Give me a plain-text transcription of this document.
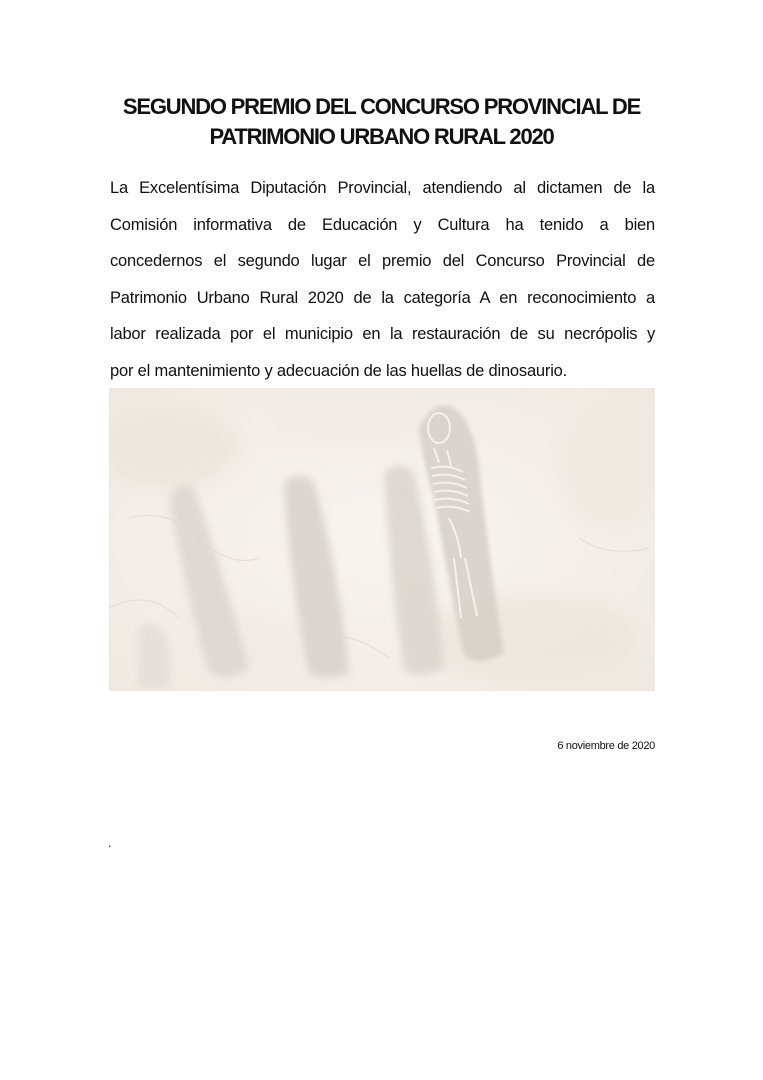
SEGUNDO PREMIO DEL CONCURSO PROVINCIAL DE
PATRIMONIO URBANO RURAL 2020
La Excelentísima Diputación Provincial, atendiendo al dictamen de la
Comisión informativa de Educación y Cultura ha tenido a bien
concedernos el segundo lugar el premio del Concurso Provincial de
Patrimonio Urbano Rural 2020 de la categoría A en reconocimiento a
labor realizada por el municipio en la restauración de su necrópolis y
por el mantenimiento y adecuación de las huellas de dinosaurio.
6 noviembre de 2020
.
